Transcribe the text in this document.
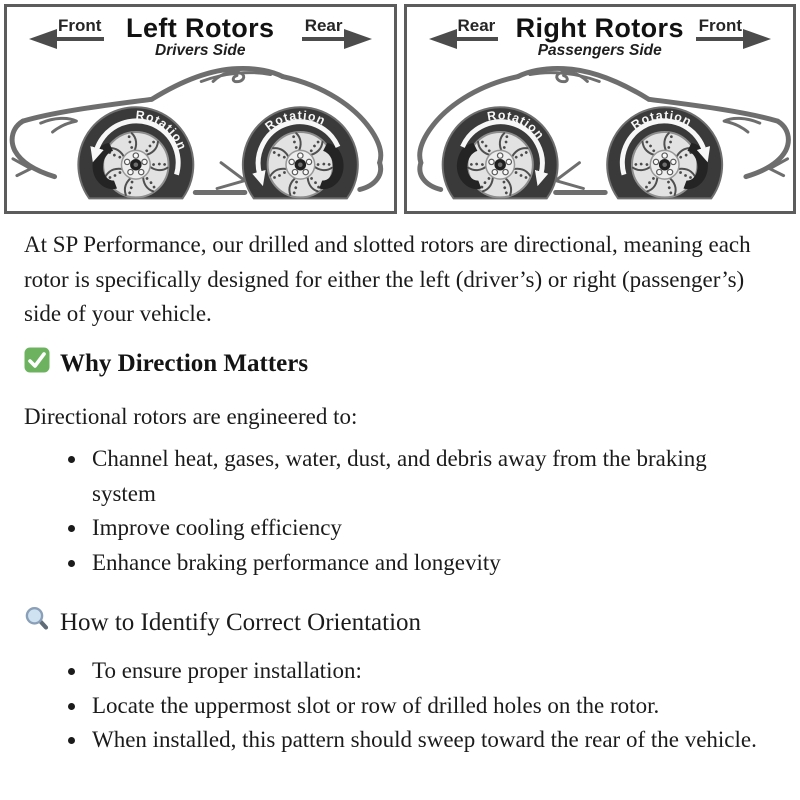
Front Left Rotors
Drivers Side
Rear
Rotation
Rotation
Rear Right Rotors
Passengers Side
Front
Rotation
Rotation

At SP Performance, our drilled and slotted rotors are directional, meaning each rotor is specifically designed for either the left (driver’s) or right (passenger’s) side of your vehicle.

Why Direction Matters

Directional rotors are engineered to:

• Channel heat, gases, water, dust, and debris away from the braking system
• Improve cooling efficiency
• Enhance braking performance and longevity
How to Identify Correct Orientation
• To ensure proper installation:
• Locate the uppermost slot or row of drilled holes on the rotor.
• When installed, this pattern should sweep toward the rear of the vehicle.
